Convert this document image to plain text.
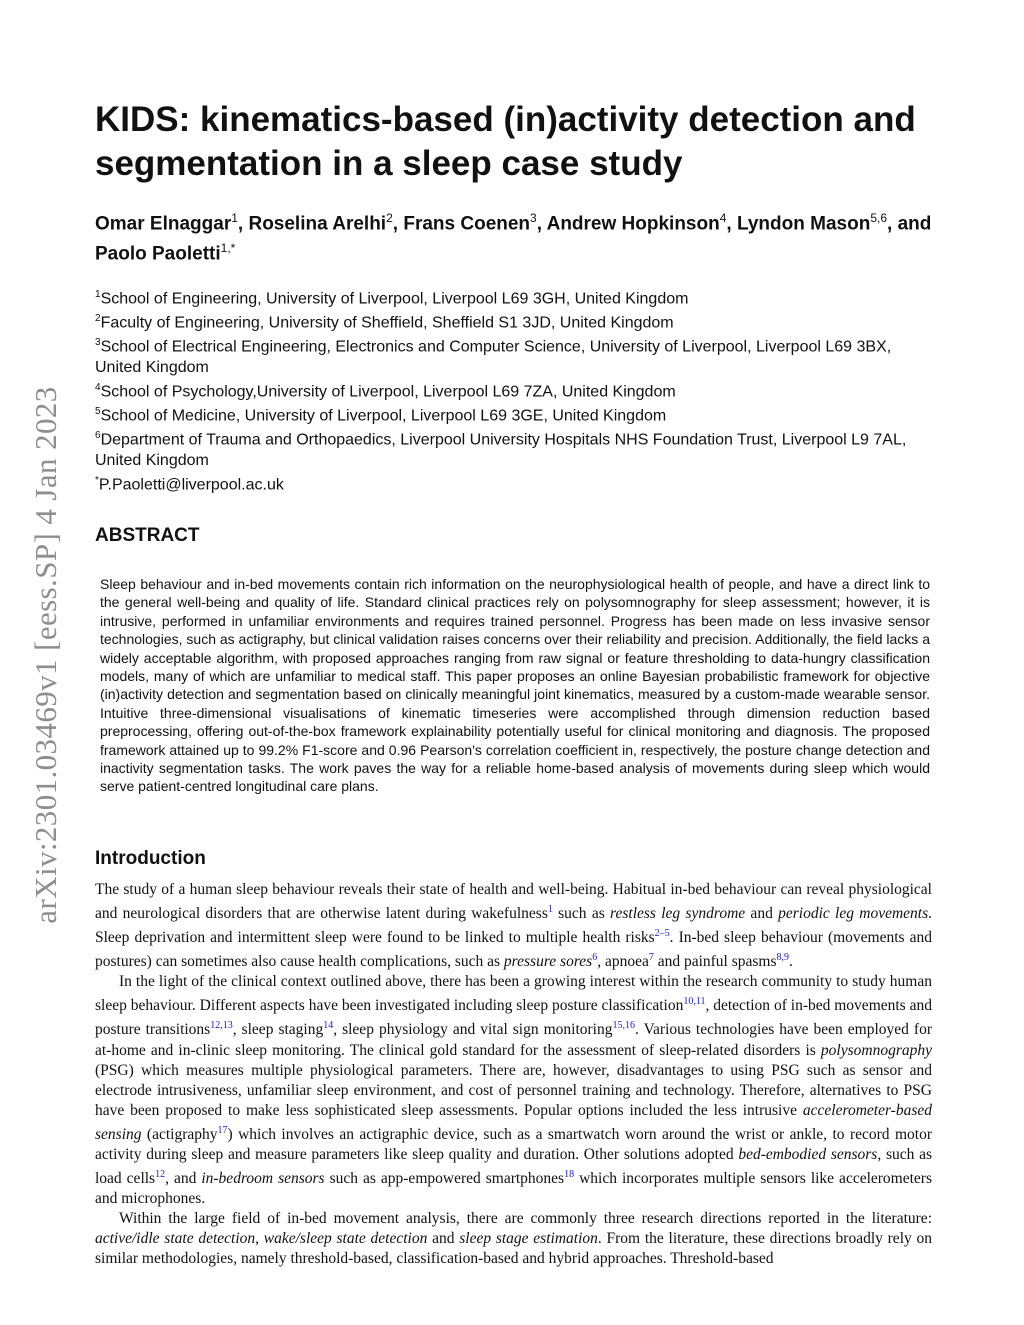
arXiv:2301.03469v1 [eess.SP] 4 Jan 2023
KIDS: kinematics-based (in)activity detection and segmentation in a sleep case study
Omar Elnaggar$^1$, Roselina Arelhi$^2$, Frans Coenen$^3$, Andrew Hopkinson$^4$, Lyndon Mason$^{5,6}$, and Paolo Paoletti$^{1,*}$
$^1$School of Engineering, University of Liverpool, Liverpool L69 3GH, United Kingdom
$^2$Faculty of Engineering, University of Sheffield, Sheffield S1 3JD, United Kingdom
$^3$School of Electrical Engineering, Electronics and Computer Science, University of Liverpool, Liverpool L69 3BX, United Kingdom
$^4$School of Psychology,University of Liverpool, Liverpool L69 7ZA, United Kingdom
$^5$School of Medicine, University of Liverpool, Liverpool L69 3GE, United Kingdom
$^6$Department of Trauma and Orthopaedics, Liverpool University Hospitals NHS Foundation Trust, Liverpool L9 7AL, United Kingdom
*P.Paoletti@liverpool.ac.uk
ABSTRACT
Sleep behaviour and in-bed movements contain rich information on the neurophysiological health of people, and have a direct link to the general well-being and quality of life. Standard clinical practices rely on polysomnography for sleep assessment; however, it is intrusive, performed in unfamiliar environments and requires trained personnel. Progress has been made on less invasive sensor technologies, such as actigraphy, but clinical validation raises concerns over their reliability and precision. Additionally, the field lacks a widely acceptable algorithm, with proposed approaches ranging from raw signal or feature thresholding to data-hungry classification models, many of which are unfamiliar to medical staff. This paper proposes an online Bayesian probabilistic framework for objective (in)activity detection and segmentation based on clinically meaningful joint kinematics, measured by a custom-made wearable sensor. Intuitive three-dimensional visualisations of kinematic timeseries were accomplished through dimension reduction based preprocessing, offering out-of-the-box framework explainability potentially useful for clinical monitoring and diagnosis. The proposed framework attained up to 99.2% F1-score and 0.96 Pearson's correlation coefficient in, respectively, the posture change detection and inactivity segmentation tasks. The work paves the way for a reliable home-based analysis of movements during sleep which would serve patient-centred longitudinal care plans.
Introduction

The study of a human sleep behaviour reveals their state of health and well-being. Habitual in-bed behaviour can reveal physiological and neurological disorders that are otherwise latent during wakefulness$^1$ such as restless leg syndrome and periodic leg movements. Sleep deprivation and intermittent sleep were found to be linked to multiple health risks$^{2-5}$. In-bed sleep behaviour (movements and postures) can sometimes also cause health complications, such as pressure sores$^6$, apnoea$^7$ and painful spasms$^{8,9}$.

In the light of the clinical context outlined above, there has been a growing interest within the research community to study human sleep behaviour. Different aspects have been investigated including sleep posture classification$^{10,11}$, detection of in-bed movements and posture transitions$^{12,13}$, sleep staging$^{14}$, sleep physiology and vital sign monitoring$^{15,16}$. Various technologies have been employed for at-home and in-clinic sleep monitoring. The clinical gold standard for the assessment of sleep-related disorders is polysomnography (PSG) which measures multiple physiological parameters. There are, however, disadvantages to using PSG such as sensor and electrode intrusiveness, unfamiliar sleep environment, and cost of personnel training and technology. Therefore, alternatives to PSG have been proposed to make less sophisticated sleep assessments. Popular options included the less intrusive accelerometer-based sensing (actigraphy$^{17}$) which involves an actigraphic device, such as a smartwatch worn around the wrist or ankle, to record motor activity during sleep and measure parameters like sleep quality and duration. Other solutions adopted bed-embodied sensors, such as load cells$^{12}$, and in-bedroom sensors such as app-empowered smartphones$^{18}$ which incorporates multiple sensors like accelerometers and microphones.

Within the large field of in-bed movement analysis, there are commonly three research directions reported in the literature: active/idle state detection, wake/sleep state detection and sleep stage estimation. From the literature, these directions broadly rely on similar methodologies, namely threshold-based, classification-based and hybrid approaches. Threshold-based
